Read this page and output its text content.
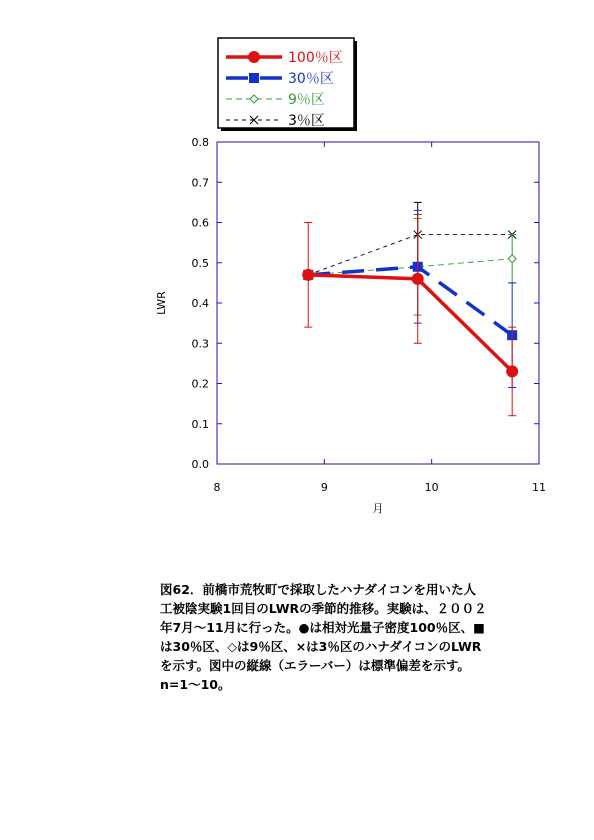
100％区
30％区
9％区
3％区
0.0
0.1
0.2
0.3
0.4
0.5
0.6
0.7
0.8
8	9	10	11
LWR
月

図62．前橋市荒牧町で採取したハナダイコンを用いた人

工被陰実験1回目のLWRの季節的推移。実験は、２００２

年7月～11月に行った。●は相対光量子密度100％区、■

は30％区、◇は9％区、×は3％区のハナダイコンのLWR

を示す。図中の縦線（エラーバー）は標準偏差を示す。

n=1～10。
